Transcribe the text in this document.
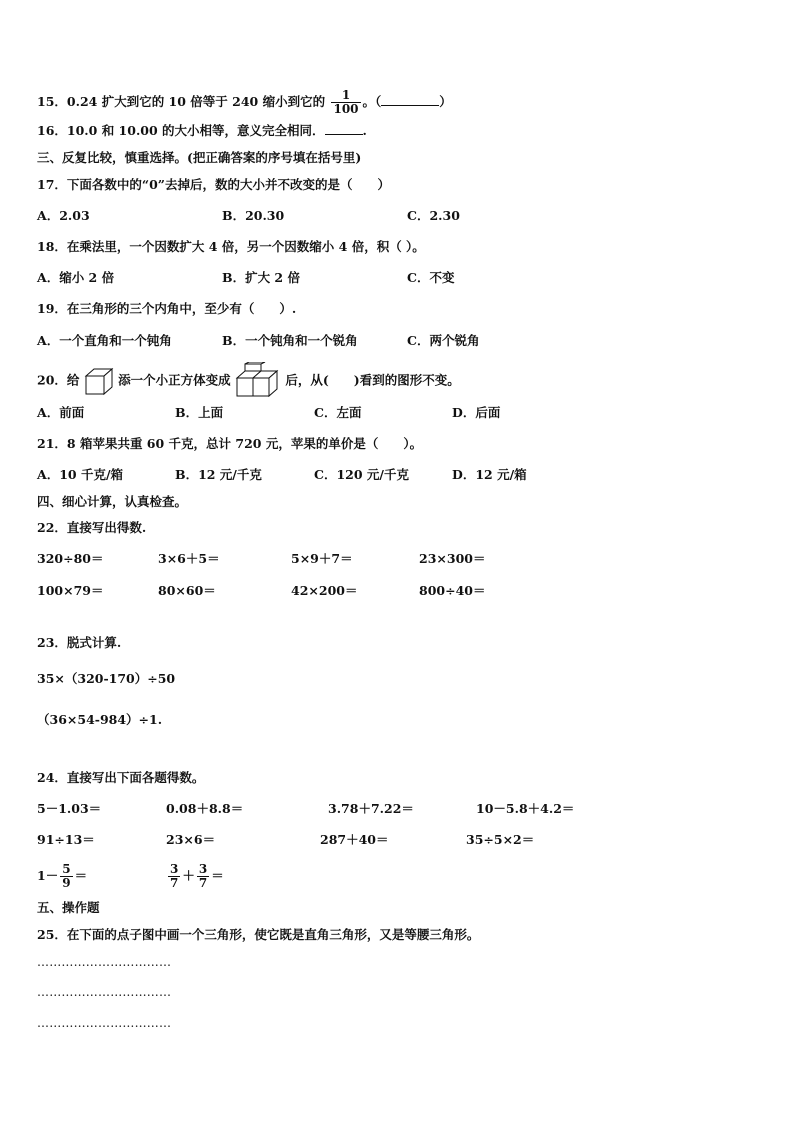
15．0.24 扩大到它的 10 倍等于 240 缩小到它的 $\frac{1}{100}$ 。（	）
16．10.0 和 10.00 的大小相等，意义完全相同．	.
三、反复比较，慎重选择。(把正确答案的序号填在括号里)
17．下面各数中的“0”去掉后，数的大小并不改变的是（　　）
A．2.03	B．20.30	C．2.30
18．在乘法里，一个因数扩大 4 倍，另一个因数缩小 4 倍，积（ ）。
A．缩小 2 倍	B．扩大 2 倍	C．不变
19．在三角形的三个内角中，至少有（　　）.
A．一个直角和一个钝角	B．一个钝角和一个锐角	C．两个锐角
20．给	添一个小正方体变成	后，从(　　)看到的图形不变。
A．前面	B．上面	C．左面	D．后面
21．8 箱苹果共重 60 千克，总计 720 元，苹果的单价是（　　）。
A．10 千克/箱	B．12 元/千克	C．120 元/千克	D．12 元/箱
四、细心计算，认真检查。
22．直接写出得数.
320÷80＝	3×6＋5＝	5×9＋7＝	23×300＝
100×79＝	80×60＝	42×200＝	800÷40＝
23．脱式计算.
35×（320-170）÷50
（36×54-984）÷1.
24．直接写出下面各题得数。
5－1.03＝	0.08＋8.8＝	3.78＋7.22＝	10－5.8＋4.2＝
91÷13＝	23×6＝	287＋40＝	35÷5×2＝
$1- \frac{5}{9}$ ＝	$\frac{3}{7} + \frac{3}{7}$ ＝
五、操作题
25．在下面的点子图中画一个三角形，使它既是直角三角形，又是等腰三角形。
……………………………
……………………………
……………………………
